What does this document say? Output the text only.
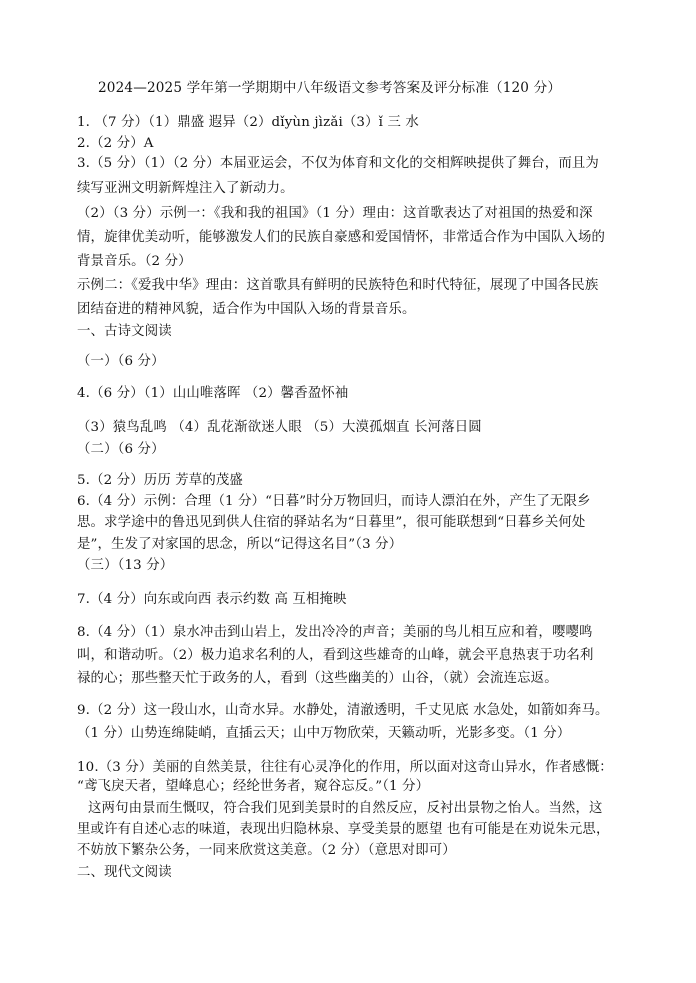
2024—2025 学年第一学期期中八年级语文参考答案及评分标准（120 分）
1. （7 分）（1）鼎盛 遐异（2）dǐyùn jìzǎi（3）ǐ 三 水
2.（2 分）A
3.（5 分）（1）（2 分）本届亚运会，不仅为体育和文化的交相辉映提供了舞台，而且为
续写亚洲文明新辉煌注入了新动力。
（2）（3 分）示例一：《我和我的祖国》（1 分）理由：这首歌表达了对祖国的热爱和深
情，旋律优美动听，能够激发人们的民族自豪感和爱国情怀，非常适合作为中国队入场的
背景音乐。（2 分）
示例二：《爱我中华》理由：这首歌具有鲜明的民族特色和时代特征，展现了中国各民族
团结奋进的精神风貌，适合作为中国队入场的背景音乐。
一、古诗文阅读
（一）（6 分）
4.（6 分）（1）山山唯落晖 （2）馨香盈怀袖
（3）猿鸟乱鸣 （4）乱花渐欲迷人眼 （5）大漠孤烟直 长河落日圆
（二）（6 分）
5.（2 分）历历 芳草的茂盛
6.（4 分）示例：合理（1 分）“日暮”时分万物回归，而诗人漂泊在外，产生了无限乡
思。求学途中的鲁迅见到供人住宿的驿站名为“日暮里”，很可能联想到“日暮乡关何处
是”，生发了对家国的思念，所以“记得这名目”（3 分）
（三）（13 分）
7.（4 分）向东或向西 表示约数 高 互相掩映
8.（4 分）（1）泉水冲击到山岩上，发出冷冷的声音；美丽的鸟儿相互应和着，嘤嘤鸣
叫，和谐动听。（2）极力追求名利的人，看到这些雄奇的山峰，就会平息热衷于功名利
禄的心；那些整天忙于政务的人，看到（这些幽美的）山谷，（就）会流连忘返。
9.（2 分）这一段山水，山奇水异。水静处，清澈透明，千丈见底 水急处，如箭如奔马。
（1 分）山势连绵陡峭，直插云天；山中万物欣荣，天籁动听，光影多变。（1 分）
10.（3 分）美丽的自然美景，往往有心灵净化的作用，所以面对这奇山异水，作者感慨：
“鸢飞戾天者，望峰息心；经纶世务者，窥谷忘反。”（1 分）
这两句由景而生慨叹，符合我们见到美景时的自然反应，反衬出景物之怡人。当然，这
里或许有自述心志的味道，表现出归隐林泉、享受美景的愿望 也有可能是在劝说朱元思，
不妨放下繁杂公务，一同来欣赏这美意。（2 分）（意思对即可）
二、现代文阅读
